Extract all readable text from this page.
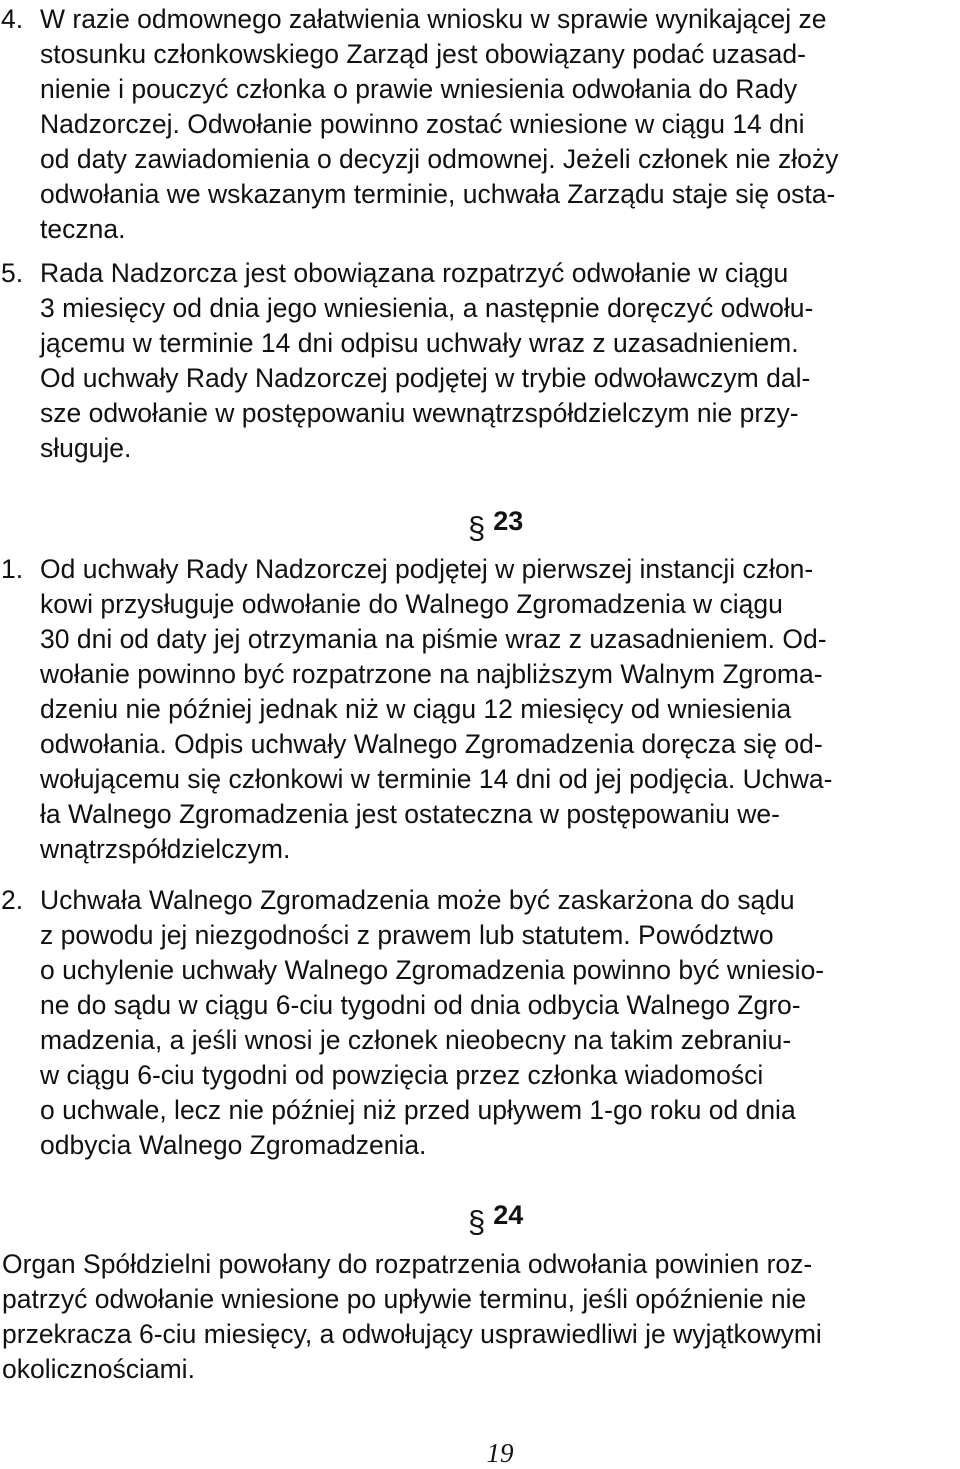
4. W razie odmownego załatwienia wniosku w sprawie wynikającej ze
stosunku członkowskiego Zarząd jest obowiązany podać uzasad-
nienie i pouczyć członka o prawie wniesienia odwołania do Rady
Nadzorczej. Odwołanie powinno zostać wniesione w ciągu 14 dni
od daty zawiadomienia o decyzji odmownej. Jeżeli członek nie złoży
odwołania we wskazanym terminie, uchwała Zarządu staje się osta-
teczna.
5. Rada Nadzorcza jest obowiązana rozpatrzyć odwołanie w ciągu
3 miesięcy od dnia jego wniesienia, a następnie doręczyć odwołu-
jącemu w terminie 14 dni odpisu uchwały wraz z uzasadnieniem.
Od uchwały Rady Nadzorczej podjętej w trybie odwoławczym dal-
sze odwołanie w postępowaniu wewnątrzspółdzielczym nie przy-
sługuje.
§ 23
1. Od uchwały Rady Nadzorczej podjętej w pierwszej instancji człon-
kowi przysługuje odwołanie do Walnego Zgromadzenia w ciągu
30 dni od daty jej otrzymania na piśmie wraz z uzasadnieniem. Od-
wołanie powinno być rozpatrzone na najbliższym Walnym Zgroma-
dzeniu nie później jednak niż w ciągu 12 miesięcy od wniesienia
odwołania. Odpis uchwały Walnego Zgromadzenia doręcza się od-
wołującemu się członkowi w terminie 14 dni od jej podjęcia. Uchwa-
ła Walnego Zgromadzenia jest ostateczna w postępowaniu we-
wnątrzspółdzielczym.
2. Uchwała Walnego Zgromadzenia może być zaskarżona do sądu
z powodu jej niezgodności z prawem lub statutem. Powództwo
o uchylenie uchwały Walnego Zgromadzenia powinno być wniesio-
ne do sądu w ciągu 6-ciu tygodni od dnia odbycia Walnego Zgro-
madzenia, a jeśli wnosi je członek nieobecny na takim zebraniu-
w ciągu 6-ciu tygodni od powzięcia przez członka wiadomości
o uchwale, lecz nie później niż przed upływem 1-go roku od dnia
odbycia Walnego Zgromadzenia.
§ 24
Organ Spółdzielni powołany do rozpatrzenia odwołania powinien roz-
patrzyć odwołanie wniesione po upływie terminu, jeśli opóźnienie nie
przekracza 6-ciu miesięcy, a odwołujący usprawiedliwi je wyjątkowymi
okolicznościami.
19
